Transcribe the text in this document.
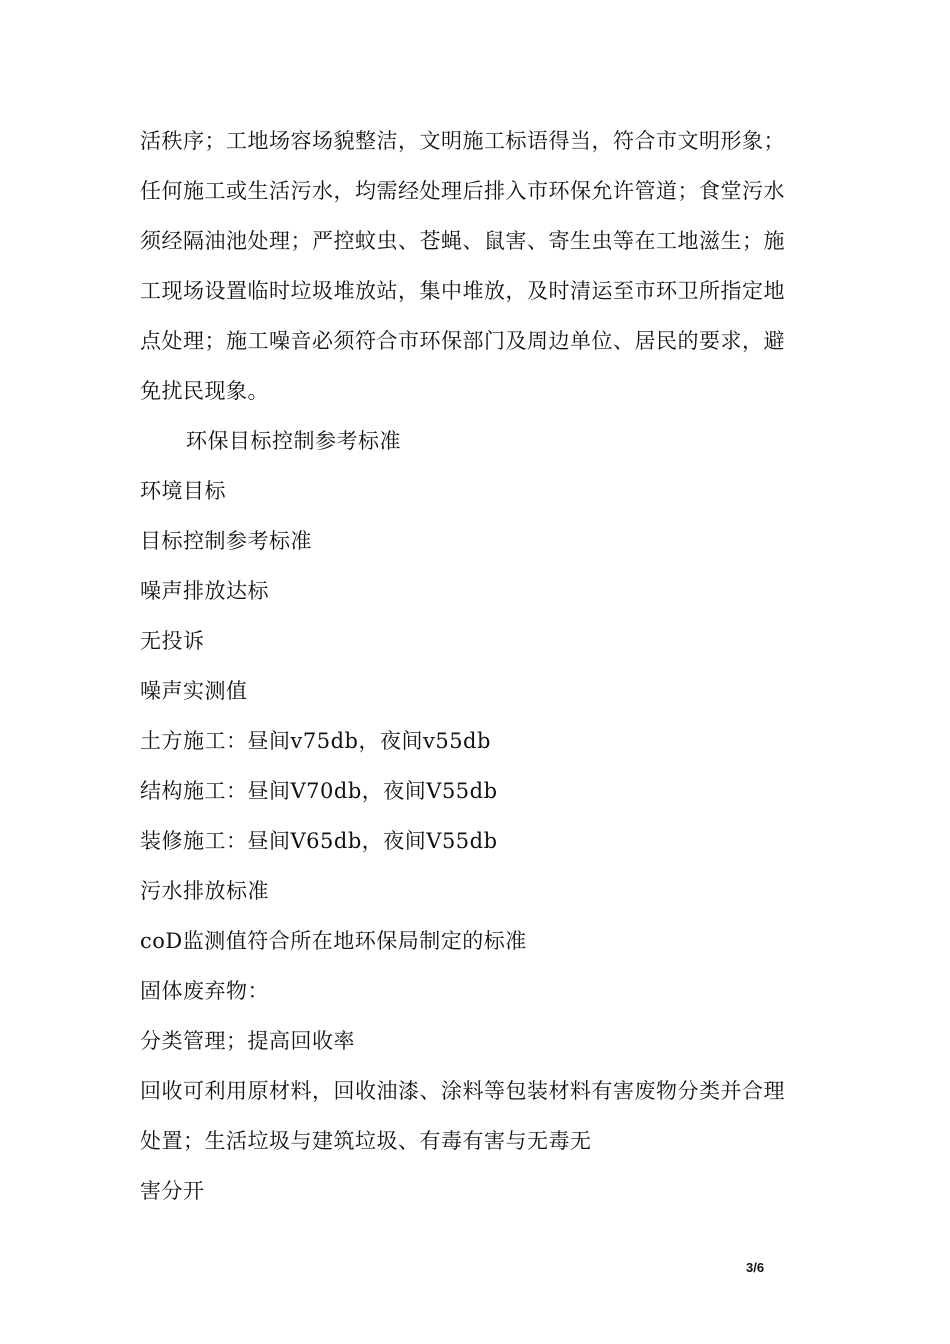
活秩序；工地场容场貌整洁，文明施工标语得当，符合市文明形象；
任何施工或生活污水，均需经处理后排入市环保允许管道；食堂污水
须经隔油池处理；严控蚊虫、苍蝇、鼠害、寄生虫等在工地滋生；施
工现场设置临时垃圾堆放站，集中堆放，及时清运至市环卫所指定地
点处理；施工噪音必须符合市环保部门及周边单位、居民的要求，避
免扰民现象。
环保目标控制参考标准
环境目标
目标控制参考标准
噪声排放达标
无投诉
噪声实测值
土方施工：昼间v75db，夜间v55db
结构施工：昼间V70db，夜间V55db
装修施工：昼间V65db，夜间V55db
污水排放标准
coD监测值符合所在地环保局制定的标准
固体废弃物：
分类管理；提高回收率
回收可利用原材料，回收油漆、涂料等包装材料有害废物分类并合理
处置；生活垃圾与建筑垃圾、有毒有害与无毒无
害分开
3/6
